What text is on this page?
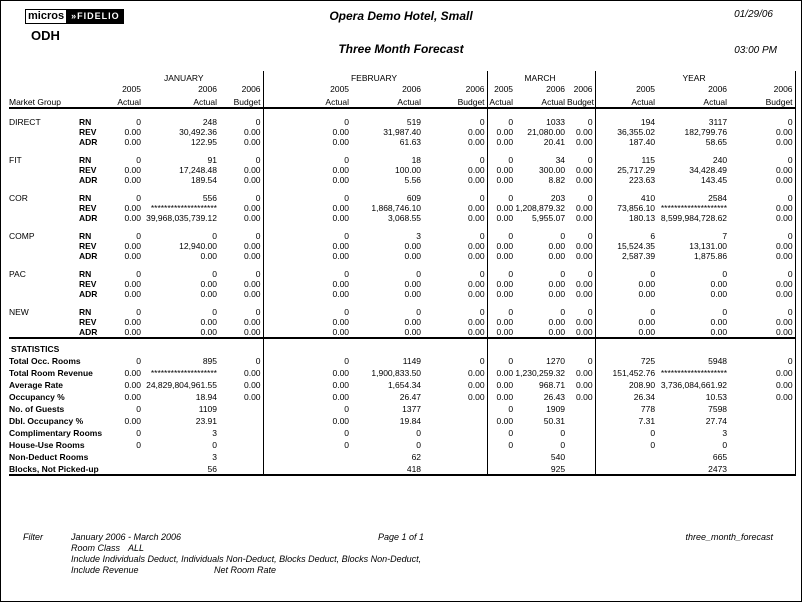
micros »FIDELIO
ODH
Opera Demo Hotel, Small	01/29/06
Three Month Forecast	03:00 PM
		JANUARY			FEBRUARY			MARCH			YEAR		
		2005	2006	2006	2005	2006	2006	2005	2006	2006	2005	2006	2006
Market Group		Actual	Actual	Budget	Actual	Actual	Budget	Actual	Actual	Budget	Actual	Actual	Budget
DIRECT	RN	0	248	0	0	519	0	0	1033	0	194	3117	0
	REV	0.00	30,492.36	0.00	0.00	31,987.40	0.00	0.00	21,080.00	0.00	36,355.02	182,799.76	0.00
	ADR	0.00	122.95	0.00	0.00	61.63	0.00	0.00	20.41	0.00	187.40	58.65	0.00
FIT	RN	0	91	0	0	18	0	0	34	0	115	240	0
	REV	0.00	17,248.48	0.00	0.00	100.00	0.00	0.00	300.00	0.00	25,717.29	34,428.49	0.00
	ADR	0.00	189.54	0.00	0.00	5.56	0.00	0.00	8.82	0.00	223.63	143.45	0.00
COR	RN	0	556	0	0	609	0	0	203	0	410	2584	0
	REV	0.00	********************	0.00	0.00	1,868,746.10	0.00	0.00	1,208,879.32	0.00	73,856.10	********************	0.00
	ADR	0.00	39,968,035,739.12	0.00	0.00	3,068.55	0.00	0.00	5,955.07	0.00	180.13	8,599,984,728.62	0.00
COMP	RN	0	0	0	0	3	0	0	0	0	6	7	0
	REV	0.00	12,940.00	0.00	0.00	0.00	0.00	0.00	0.00	0.00	15,524.35	13,131.00	0.00
	ADR	0.00	0.00	0.00	0.00	0.00	0.00	0.00	0.00	0.00	2,587.39	1,875.86	0.00
PAC	RN	0	0	0	0	0	0	0	0	0	0	0	0
	REV	0.00	0.00	0.00	0.00	0.00	0.00	0.00	0.00	0.00	0.00	0.00	0.00
	ADR	0.00	0.00	0.00	0.00	0.00	0.00	0.00	0.00	0.00	0.00	0.00	0.00
NEW	RN	0	0	0	0	0	0	0	0	0	0	0	0
	REV	0.00	0.00	0.00	0.00	0.00	0.00	0.00	0.00	0.00	0.00	0.00	0.00
	ADR	0.00	0.00	0.00	0.00	0.00	0.00	0.00	0.00	0.00	0.00	0.00	0.00
STATISTICS													
Total Occ. Rooms		0	895	0	0	1149	0	0	1270	0	725	5948	0
Total Room Revenue		0.00	********************	0.00	0.00	1,900,833.50	0.00	0.00	1,230,259.32	0.00	151,452.76	********************	0.00
Average Rate		0.00	24,829,804,961.55	0.00	0.00	1,654.34	0.00	0.00	968.71	0.00	208.90	3,736,084,661.92	0.00
Occupancy %		0.00	18.94	0.00	0.00	26.47	0.00	0.00	26.43	0.00	26.34	10.53	0.00
No. of Guests		0	1109		0	1377		0	1909		778	7598	
Dbl. Occupancy %		0.00	23.91		0.00	19.84		0.00	50.31		7.31	27.74	
Complimentary Rooms		0	3		0	0		0	0		0	3	
House-Use Rooms		0	0		0	0		0	0		0	0	
Non-Deduct Rooms			3			62			540			665	
Blocks, Not Picked-up			56			418			925			2473	
Filter	January 2006 - March 2006
Room Class ALL
Include Individuals Deduct, Individuals Non-Deduct, Blocks Deduct, Blocks Non-Deduct,
Include Revenue	Net Room Rate
Page 1 of 1	three_month_forecast
